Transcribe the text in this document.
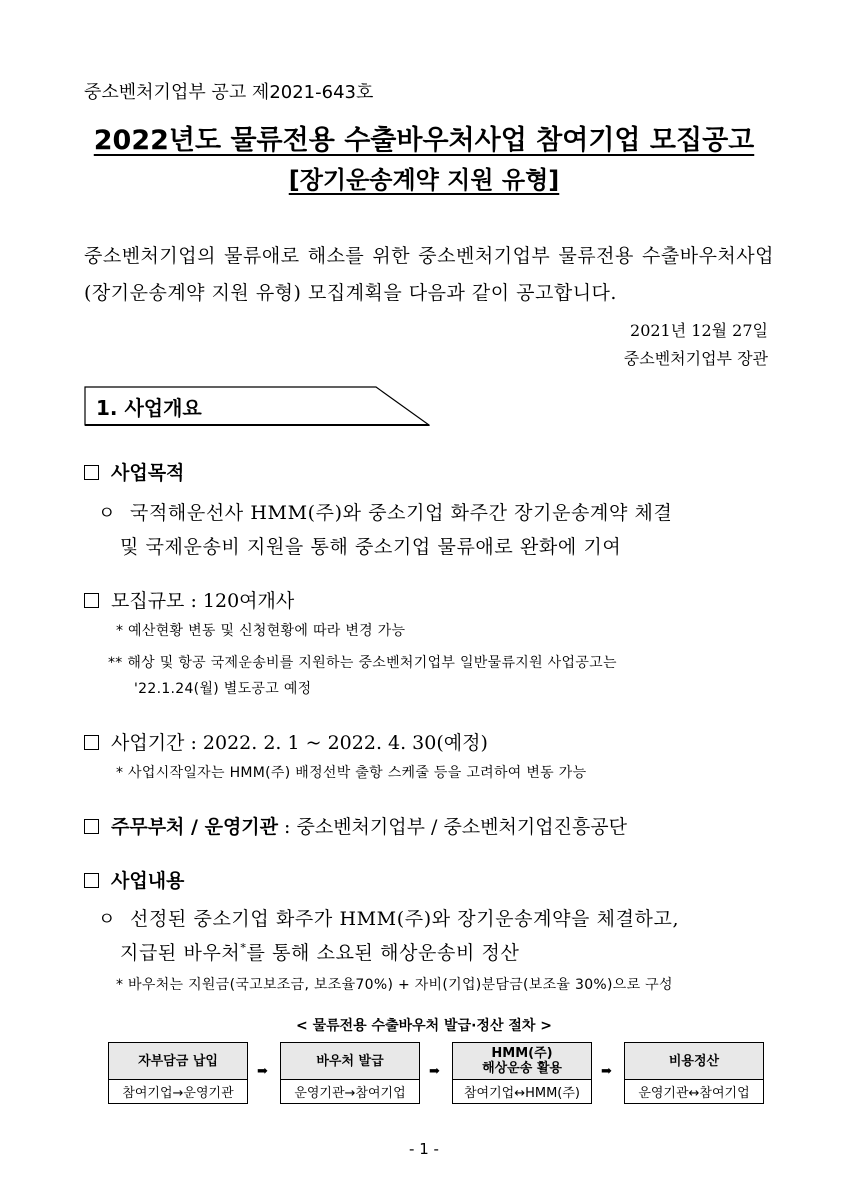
중소벤처기업부 공고 제2021-643호
2022년도 물류전용 수출바우처사업 참여기업 모집공고
[장기운송계약 지원 유형]
중소벤처기업의 물류애로 해소를 위한 중소벤처기업부 물류전용 수출바우처사업(장기운송계약 지원 유형) 모집계획을 다음과 같이 공고합니다.
2021년 12월 27일
중소벤처기업부 장관
1. 사업개요
사업목적
ㅇ 국적해운선사 HMM(주)와 중소기업 화주간 장기운송계약 체결
및 국제운송비 지원을 통해 중소기업 물류애로 완화에 기여
모집규모 : 120여개사
* 예산현황 변동 및 신청현황에 따라 변경 가능
** 해상 및 항공 국제운송비를 지원하는 중소벤처기업부 일반물류지원 사업공고는
'22.1.24(월) 별도공고 예정
사업기간 : 2022. 2. 1 ~ 2022. 4. 30(예정)
* 사업시작일자는 HMM(주) 배정선박 출항 스케줄 등을 고려하여 변동 가능
주무부처 / 운영기관 : 중소벤처기업부 / 중소벤처기업진흥공단
사업내용
ㅇ 선정된 중소기업 화주가 HMM(주)와 장기운송계약을 체결하고,
지급된 바우처*를 통해 소요된 해상운송비 정산
* 바우처는 지원금(국고보조금, 보조율70%) + 자비(기업)분담금(보조율 30%)으로 구성
< 물류전용 수출바우처 발급·정산 절차 >
자부담금 납입
참여기업→운영기관
➡
바우처 발급
운영기관→참여기업
➡
HMM(주)
해상운송 활용
참여기업↔HMM(주)
➡
비용정산
운영기관↔참여기업
- 1 -
